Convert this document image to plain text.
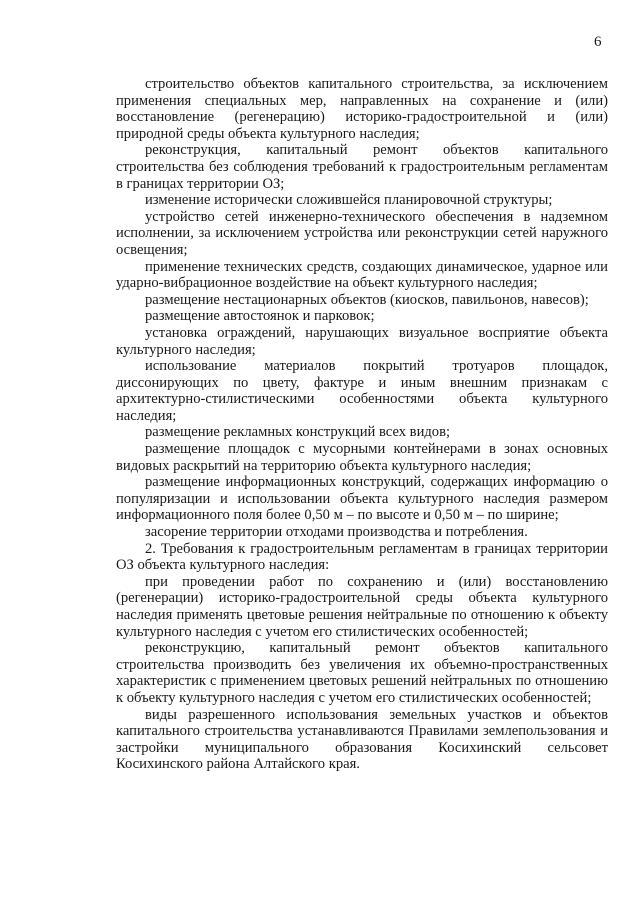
6

строительство объектов капитального строительства, за исключением применения специальных мер, направленных на сохранение и (или) восстановление (регенерацию) историко-градостроительной и (или) природной среды объекта культурного наследия;

реконструкция, капитальный ремонт объектов капитального строительства без соблюдения требований к градостроительным регламентам в границах территории ОЗ;

изменение исторически сложившейся планировочной структуры;

устройство сетей инженерно-технического обеспечения в надземном исполнении, за исключением устройства или реконструкции сетей наружного освещения;

применение технических средств, создающих динамическое, ударное или ударно-вибрационное воздействие на объект культурного наследия;

размещение нестационарных объектов (киосков, павильонов, навесов);

размещение автостоянок и парковок;

установка ограждений, нарушающих визуальное восприятие объекта культурного наследия;

использование материалов покрытий тротуаров площадок, диссонирующих по цвету, фактуре и иным внешним признакам с архитектурно-стилистическими особенностями объекта культурного наследия;

размещение рекламных конструкций всех видов;

размещение площадок с мусорными контейнерами в зонах основных видовых раскрытий на территорию объекта культурного наследия;

размещение информационных конструкций, содержащих информацию о популяризации и использовании объекта культурного наследия размером информационного поля более 0,50 м – по высоте и 0,50 м – по ширине;

засорение территории отходами производства и потребления.

2. Требования к градостроительным регламентам в границах территории ОЗ объекта культурного наследия:

при проведении работ по сохранению и (или) восстановлению (регенерации) историко-градостроительной среды объекта культурного наследия применять цветовые решения нейтральные по отношению к объекту культурного наследия с учетом его стилистических особенностей;

реконструкцию, капитальный ремонт объектов капитального строительства производить без увеличения их объемно-пространственных характеристик с применением цветовых решений нейтральных по отношению к объекту культурного наследия с учетом его стилистических особенностей;

виды разрешенного использования земельных участков и объектов капитального строительства устанавливаются Правилами землепользования и застройки муниципального образования Косихинский сельсовет Косихинского района Алтайского края.
